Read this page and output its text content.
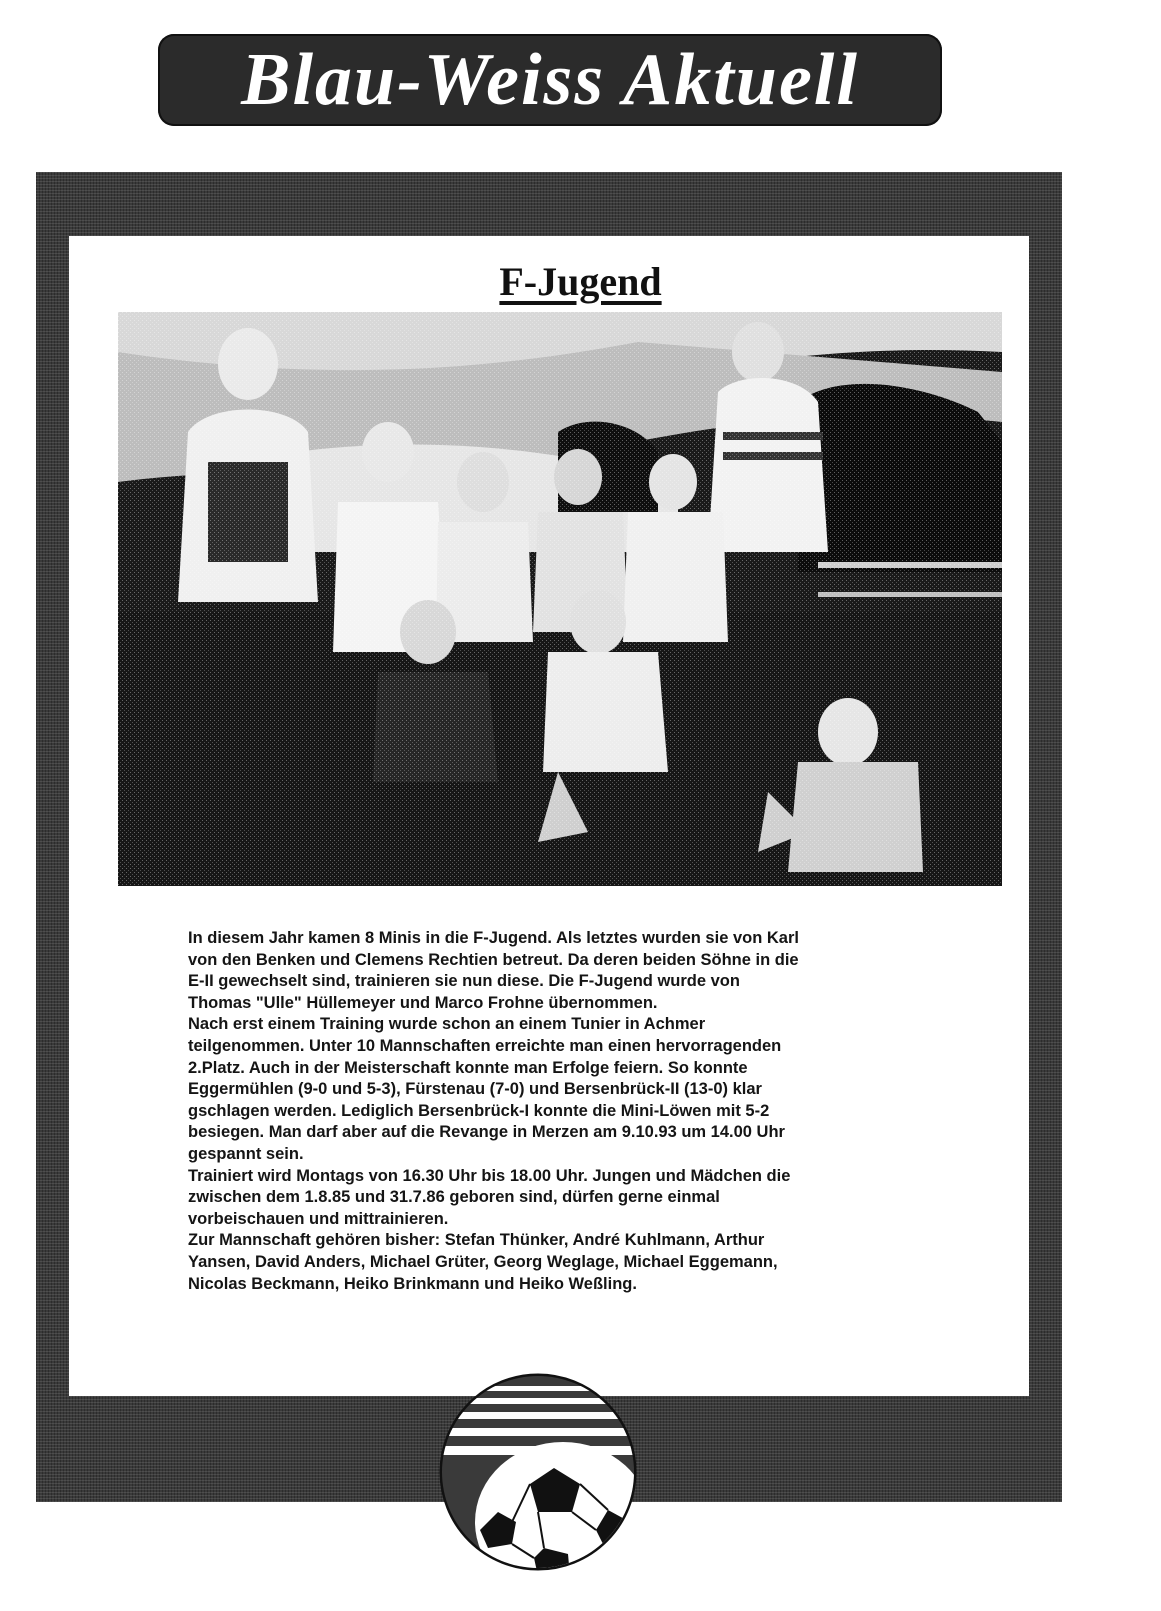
Blau-Weiss Aktuell
F-Jugend

In diesem Jahr kamen 8 Minis in die F-Jugend. Als letztes wurden sie von Karl
von den Benken und Clemens Rechtien betreut. Da deren beiden Söhne in die
E-II gewechselt sind, trainieren sie nun diese. Die F-Jugend wurde von
Thomas "Ulle" Hüllemeyer und Marco Frohne übernommen.

Nach erst einem Training wurde schon an einem Tunier in Achmer
teilgenommen. Unter 10 Mannschaften erreichte man einen hervorragenden
2.Platz. Auch in der Meisterschaft konnte man Erfolge feiern. So konnte
Eggermühlen (9-0 und 5-3), Fürstenau (7-0) und Bersenbrück-II (13-0) klar
gschlagen werden. Lediglich Bersenbrück-I konnte die Mini-Löwen mit 5-2
besiegen. Man darf aber auf die Revange in Merzen am 9.10.93 um 14.00 Uhr
gespannt sein.

Trainiert wird Montags von 16.30 Uhr bis 18.00 Uhr. Jungen und Mädchen die
zwischen dem 1.8.85 und 31.7.86 geboren sind, dürfen gerne einmal
vorbeischauen und mittrainieren.

Zur Mannschaft gehören bisher: Stefan Thünker, André Kuhlmann, Arthur
Yansen, David Anders, Michael Grüter, Georg Weglage, Michael Eggemann,
Nicolas Beckmann, Heiko Brinkmann und Heiko Weßling.
